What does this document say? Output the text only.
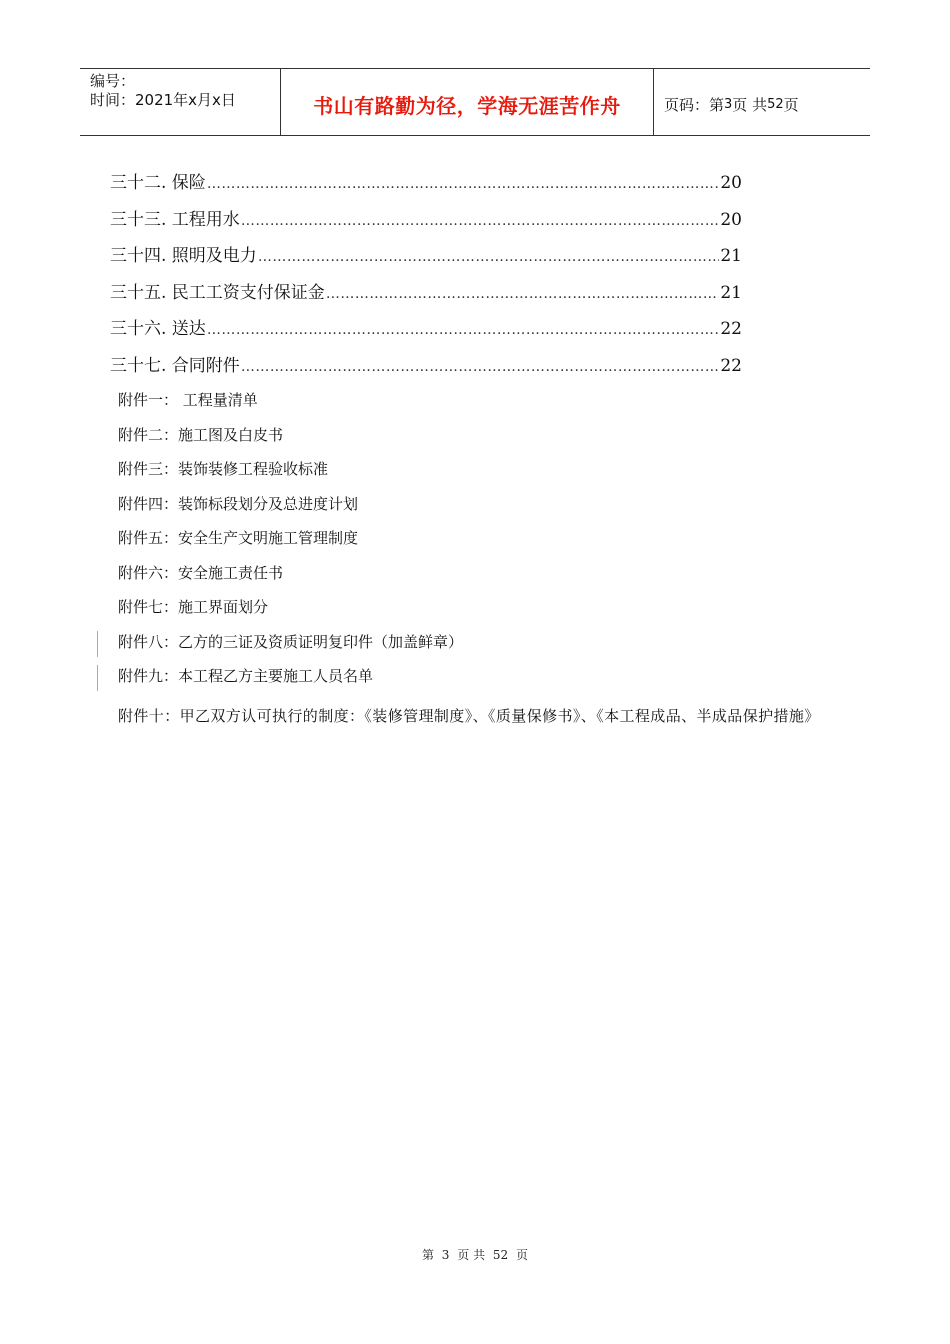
编号：
时间：2021年x月x日	书山有路勤为径，学海无涯苦作舟	页码：第 3 页 共 52 页
三十二. 保险 ……………………………………………………………………………………………………………………………………………………………………	20
三十三. 工程用水 ……………………………………………………………………………………………………………………………………………………………………	20
三十四. 照明及电力 ……………………………………………………………………………………………………………………………………………………………………	21
三十五. 民工工资支付保证金 ……………………………………………………………………………………………………………………………………………………………………	21
三十六. 送达 ……………………………………………………………………………………………………………………………………………………………………	22
三十七. 合同附件 ……………………………………………………………………………………………………………………………………………………………………	22
附件一： 工程量清单
附件二：施工图及白皮书
附件三：装饰装修工程验收标准
附件四：装饰标段划分及总进度计划
附件五：安全生产文明施工管理制度
附件六：安全施工责任书
附件七：施工界面划分
附件八：乙方的三证及资质证明复印件（加盖鲜章）
附件九：本工程乙方主要施工人员名单
附件十：甲乙双方认可执行的制度：《装修管理制度》、《质量保修书》、《本工程成品、半成品保护措施》
第 3 页 共 52 页
